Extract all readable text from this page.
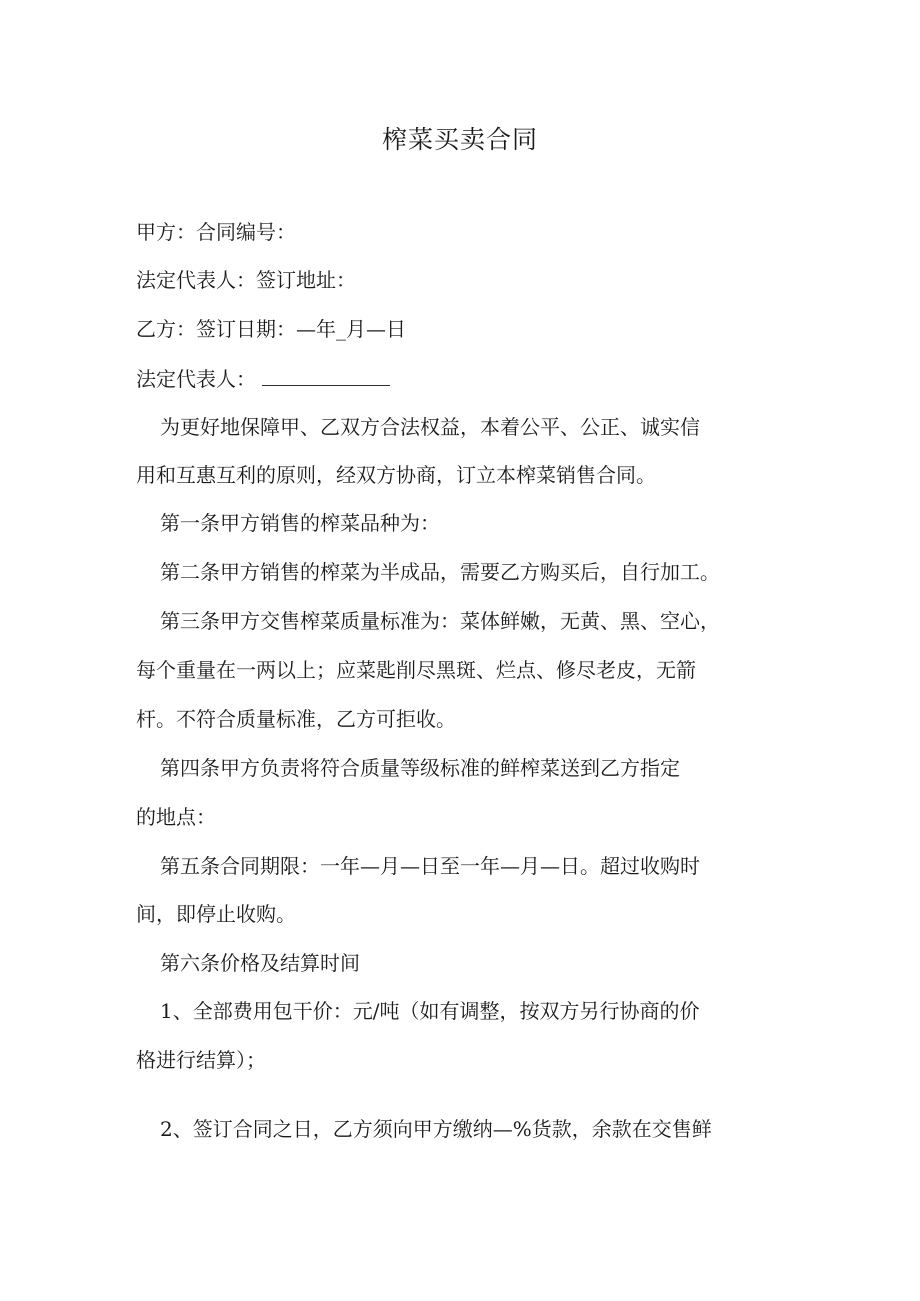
榨菜买卖合同
甲方：合同编号：
法定代表人：签订地址：
乙方：签订日期：—年_月—日
法定代表人：
为更好地保障甲、乙双方合法权益，本着公平、公正、诚实信
用和互惠互利的原则，经双方协商，订立本榨菜销售合同。
第一条甲方销售的榨菜品种为：
第二条甲方销售的榨菜为半成品，需要乙方购买后，自行加工。
第三条甲方交售榨菜质量标准为：菜体鲜嫩，无黄、黑、空心，
每个重量在一两以上；应菜匙削尽黑斑、烂点、修尽老皮，无箭
杆。不符合质量标准，乙方可拒收。
第四条甲方负责将符合质量等级标准的鲜榨菜送到乙方指定
的地点：
第五条合同期限：一年—月—日至一年—月—日。超过收购时
间，即停止收购。
第六条价格及结算时间
1、全部费用包干价：元/吨（如有调整，按双方另行协商的价
格进行结算）；
2、签订合同之日，乙方须向甲方缴纳—%货款，余款在交售鲜
